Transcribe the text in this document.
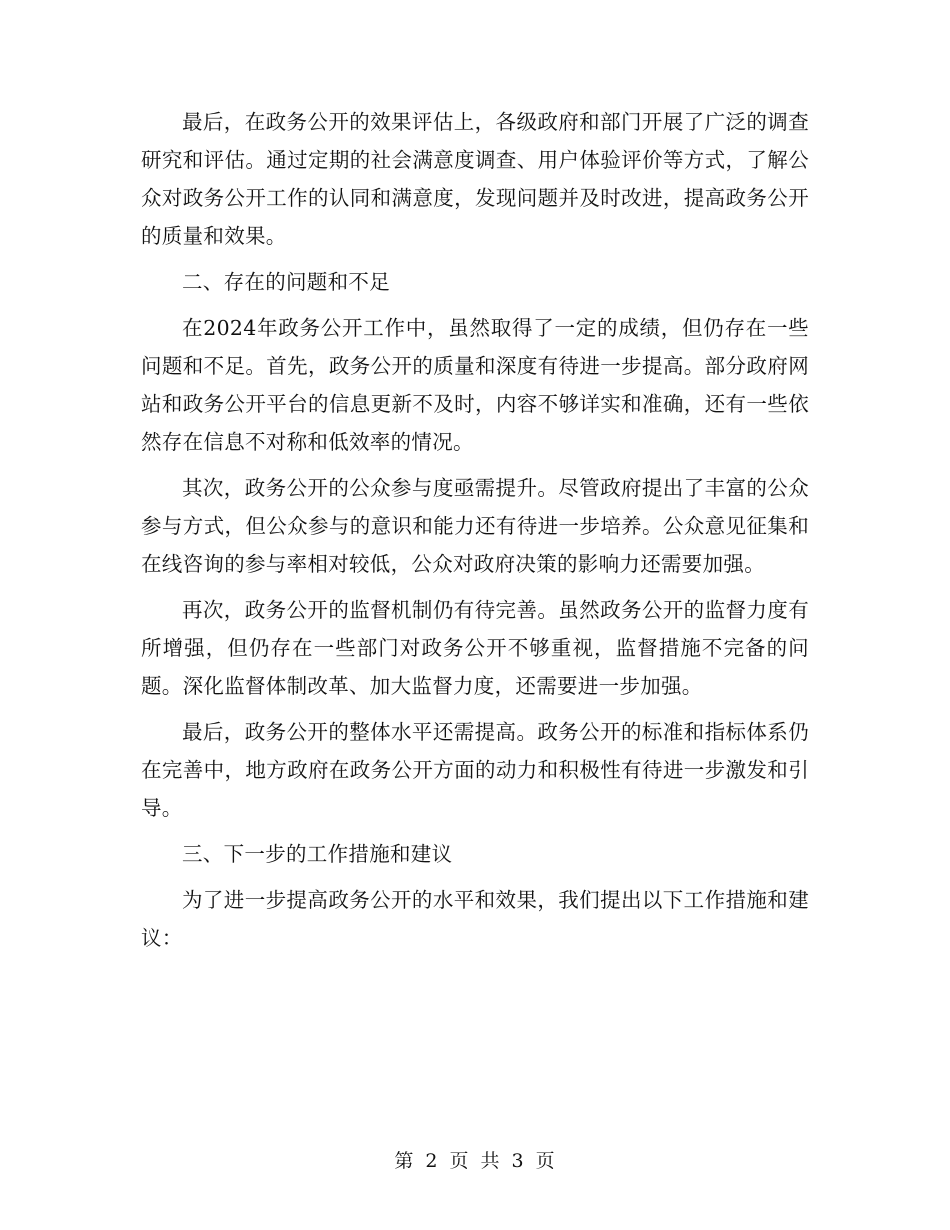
最后，在政务公开的效果评估上，各级政府和部门开展了广泛的调查研究和评估。通过定期的社会满意度调查、用户体验评价等方式，了解公众对政务公开工作的认同和满意度，发现问题并及时改进，提高政务公开的质量和效果。

二、存在的问题和不足

在2024年政务公开工作中，虽然取得了一定的成绩，但仍存在一些问题和不足。首先，政务公开的质量和深度有待进一步提高。部分政府网站和政务公开平台的信息更新不及时，内容不够详实和准确，还有一些依然存在信息不对称和低效率的情况。

其次，政务公开的公众参与度亟需提升。尽管政府提出了丰富的公众参与方式，但公众参与的意识和能力还有待进一步培养。公众意见征集和在线咨询的参与率相对较低，公众对政府决策的影响力还需要加强。

再次，政务公开的监督机制仍有待完善。虽然政务公开的监督力度有所增强，但仍存在一些部门对政务公开不够重视，监督措施不完备的问题。深化监督体制改革、加大监督力度，还需要进一步加强。

最后，政务公开的整体水平还需提高。政务公开的标准和指标体系仍在完善中，地方政府在政务公开方面的动力和积极性有待进一步激发和引导。

三、下一步的工作措施和建议

为了进一步提高政务公开的水平和效果，我们提出以下工作措施和建议：

第 2 页 共 3 页
